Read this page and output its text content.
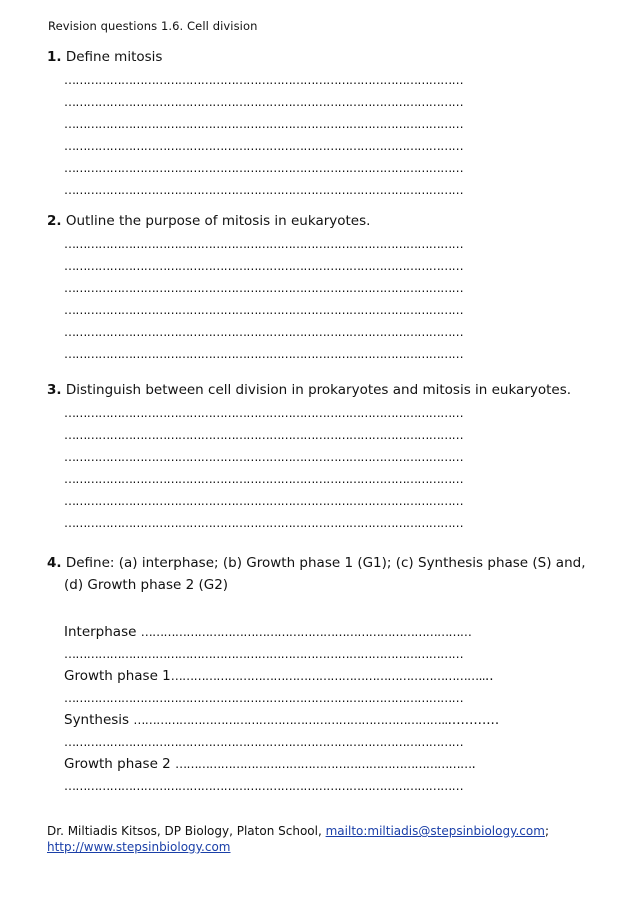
Revision questions 1.6. Cell division
1. Define mitosis
……………………………………………………………………………………………
……………………………………………………………………………………………
……………………………………………………………………………………………
……………………………………………………………………………………………
……………………………………………………………………………………………
……………………………………………………………………………………………
2. Outline the purpose of mitosis in eukaryotes.
……………………………………………………………………………………………
……………………………………………………………………………………………
……………………………………………………………………………………………
……………………………………………………………………………………………
……………………………………………………………………………………………
……………………………………………………………………………………………
3. Distinguish between cell division in prokaryotes and mitosis in eukaryotes.
……………………………………………………………………………………………
……………………………………………………………………………………………
……………………………………………………………………………………………
……………………………………………………………………………………………
……………………………………………………………………………………………
……………………………………………………………………………………………
4. Define: (a) interphase; (b) Growth phase 1 (G1); (c) Synthesis phase (S) and,
(d) Growth phase 2 (G2)
Interphase ……………………………………………………………………………
……………………………………………………………………………………………
Growth phase 1………………………………………………………………………....
……………………………………………………………………………………………
Synthesis ………………………………………………………………………..............
……………………………………………………………………………………………
Growth phase 2 …………………………………………………………………….
……………………………………………………………………………………………
Dr. Miltiadis Kitsos, DP Biology, Platon School, mailto:miltiadis@stepsinbiology.com;
http://www.stepsinbiology.com
